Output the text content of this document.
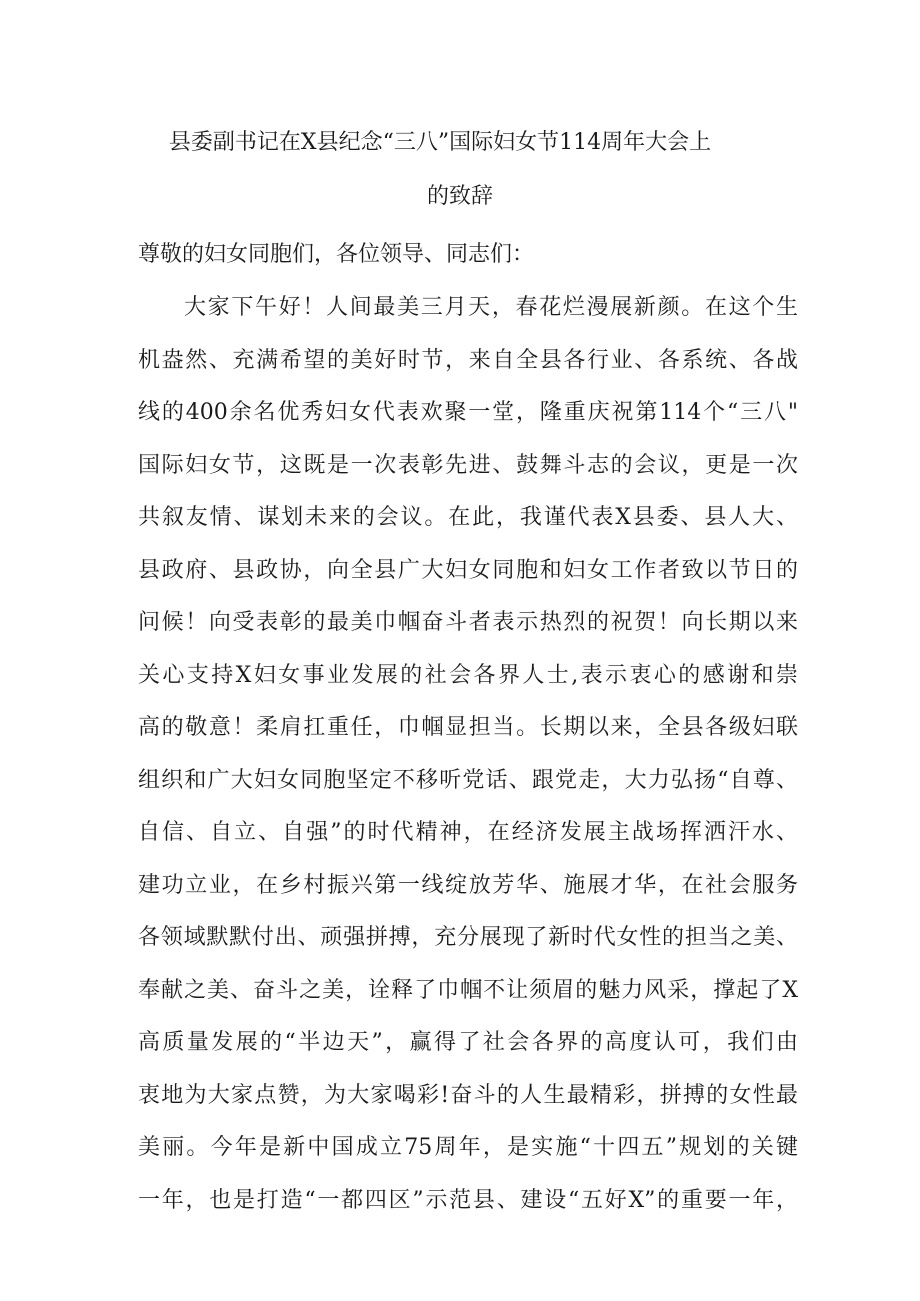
县委副书记在X县纪念“三八”国际妇女节114周年大会上
的致辞
尊敬的妇女同胞们，各位领导、同志们：
大家下午好！人间最美三月天，春花烂漫展新颜。在这个生
机盎然、充满希望的美好时节，来自全县各行业、各系统、各战
线的400余名优秀妇女代表欢聚一堂，隆重庆祝第114个“三八"
国际妇女节，这既是一次表彰先进、鼓舞斗志的会议，更是一次
共叙友情、谋划未来的会议。在此，我谨代表X县委、县人大、
县政府、县政协，向全县广大妇女同胞和妇女工作者致以节日的
问候！向受表彰的最美巾帼奋斗者表示热烈的祝贺！向长期以来
关心支持X妇女事业发展的社会各界人士,表示衷心的感谢和崇
高的敬意！柔肩扛重任，巾帼显担当。长期以来，全县各级妇联
组织和广大妇女同胞坚定不移听党话、跟党走，大力弘扬“自尊、
自信、自立、自强”的时代精神，在经济发展主战场挥洒汗水、
建功立业，在乡村振兴第一线绽放芳华、施展才华，在社会服务
各领域默默付出、顽强拼搏，充分展现了新时代女性的担当之美、
奉献之美、奋斗之美，诠释了巾帼不让须眉的魅力风采，撑起了X
高质量发展的“半边天”，赢得了社会各界的高度认可，我们由
衷地为大家点赞，为大家喝彩!奋斗的人生最精彩，拼搏的女性最
美丽。今年是新中国成立75周年，是实施“十四五”规划的关键
一年，也是打造“一都四区”示范县、建设“五好X”的重要一年，
